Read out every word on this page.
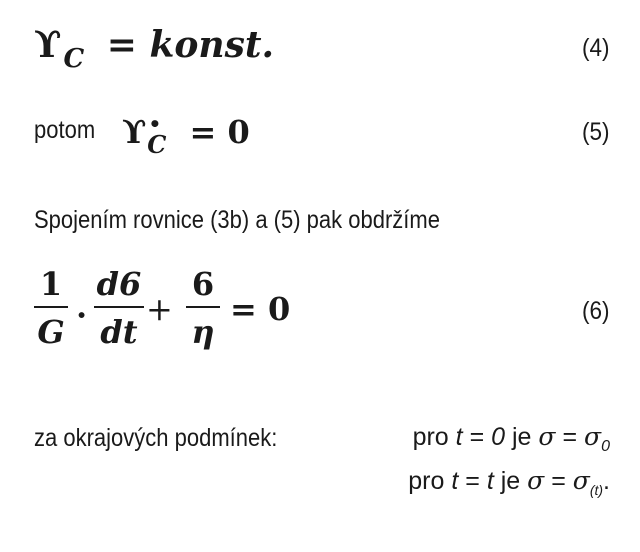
$ϒ_C$ = konst.	(4)
potom ϒ •$_C$ = 0	(5)
Spojením rovnice (3b) a (5) pak obdržíme
1
G ·
d6
dt
+
6
η
= 0	(6)
za okrajových podmínek:	pro t = 0 je $\sigma = \sigma_0$
pro t = t je $\sigma = \sigma_{(t)}$.
